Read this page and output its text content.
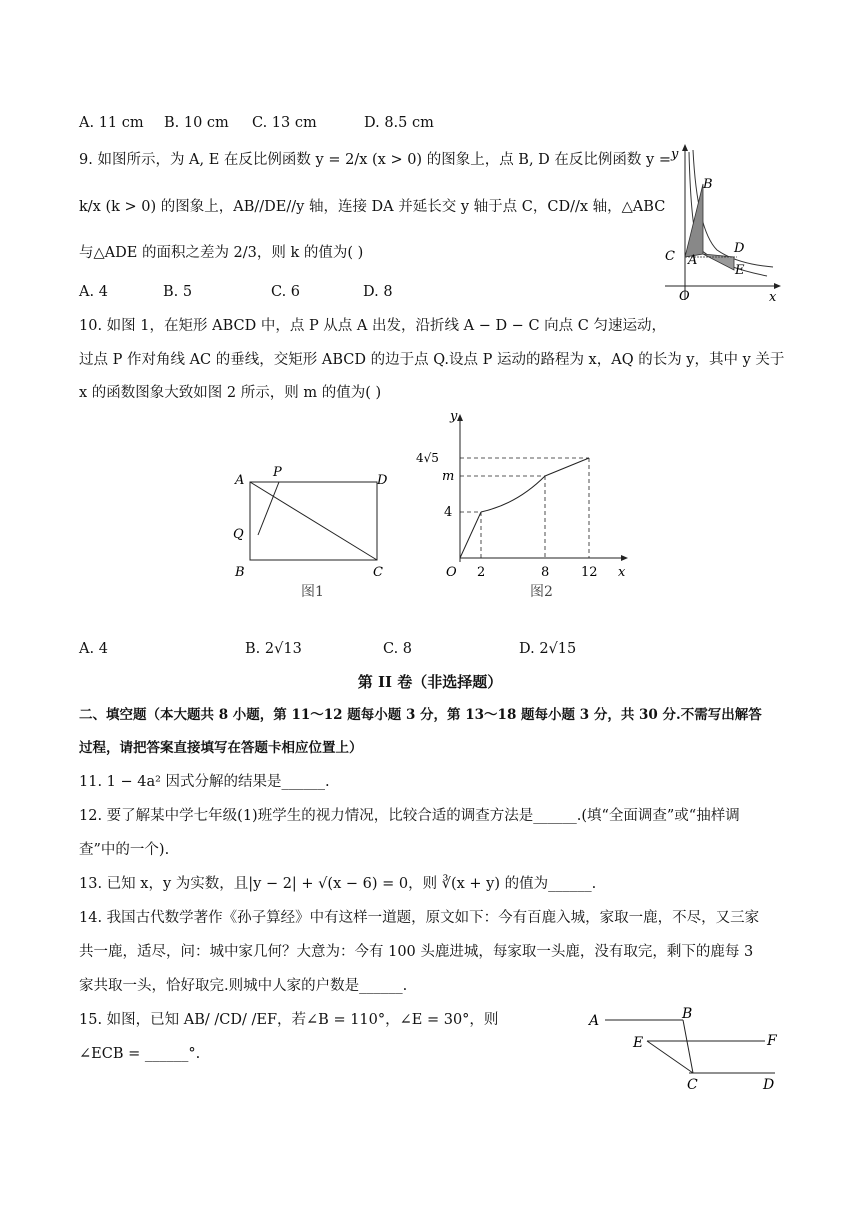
A. 11 cm B. 10 cm C. 13 cm	D. 8.5 cm
9. 如图所示，为 A, E 在反比例函数 y = 2/x (x > 0) 的图象上，点 B, D 在反比例函数 y =
k/x (k > 0) 的图象上，AB//DE//y 轴，连接 DA 并延长交 y 轴于点 C，CD//x 轴，△ABC
与△ADE 的面积之差为 2/3，则 k 的值为( )
A. 4	B. 5	C. 6	D. 8
y
x
O
B
C A
D
E
10. 如图 1，在矩形 ABCD 中，点 P 从点 A 出发，沿折线 A − D − C 向点 C 匀速运动，
过点 P 作对角线 AC 的垂线，交矩形 ABCD 的边于点 Q.设点 P 运动的路程为 x，AQ 的长为 y，其中 y 关于
x 的函数图象大致如图 2 所示，则 m 的值为( )
A
P
D
Q
B	C
图1
y
x
O
4√5
m
4
2	8 12
图2
A. 4	B. 2√13	C. 8	D. 2√15
第 II 卷（非选择题）
二、填空题（本大题共 8 小题，第 11～12 题每小题 3 分，第 13～18 题每小题 3 分，共 30 分.不需写出解答
过程，请把答案直接填写在答题卡相应位置上）
11. 1 − 4a² 因式分解的结果是______.
12. 要了解某中学七年级(1)班学生的视力情况，比较合适的调查方法是______.(填“全面调查”或“抽样调
查”中的一个).
13. 已知 x，y 为实数，且|y − 2| + √(x − 6) = 0，则 ∛(x + y) 的值为______.
14. 我国古代数学著作《孙子算经》中有这样一道题，原文如下：今有百鹿入城，家取一鹿，不尽，又三家
共一鹿，适尽，问：城中家几何？大意为：今有 100 头鹿进城，每家取一头鹿，没有取完，剩下的鹿每 3
家共取一头，恰好取完.则城中人家的户数是______.
15. 如图，已知 AB/ /CD/ /EF，若∠B = 110°，∠E = 30°，则
∠ECB = ______°.
A	B
E	F
C	D
